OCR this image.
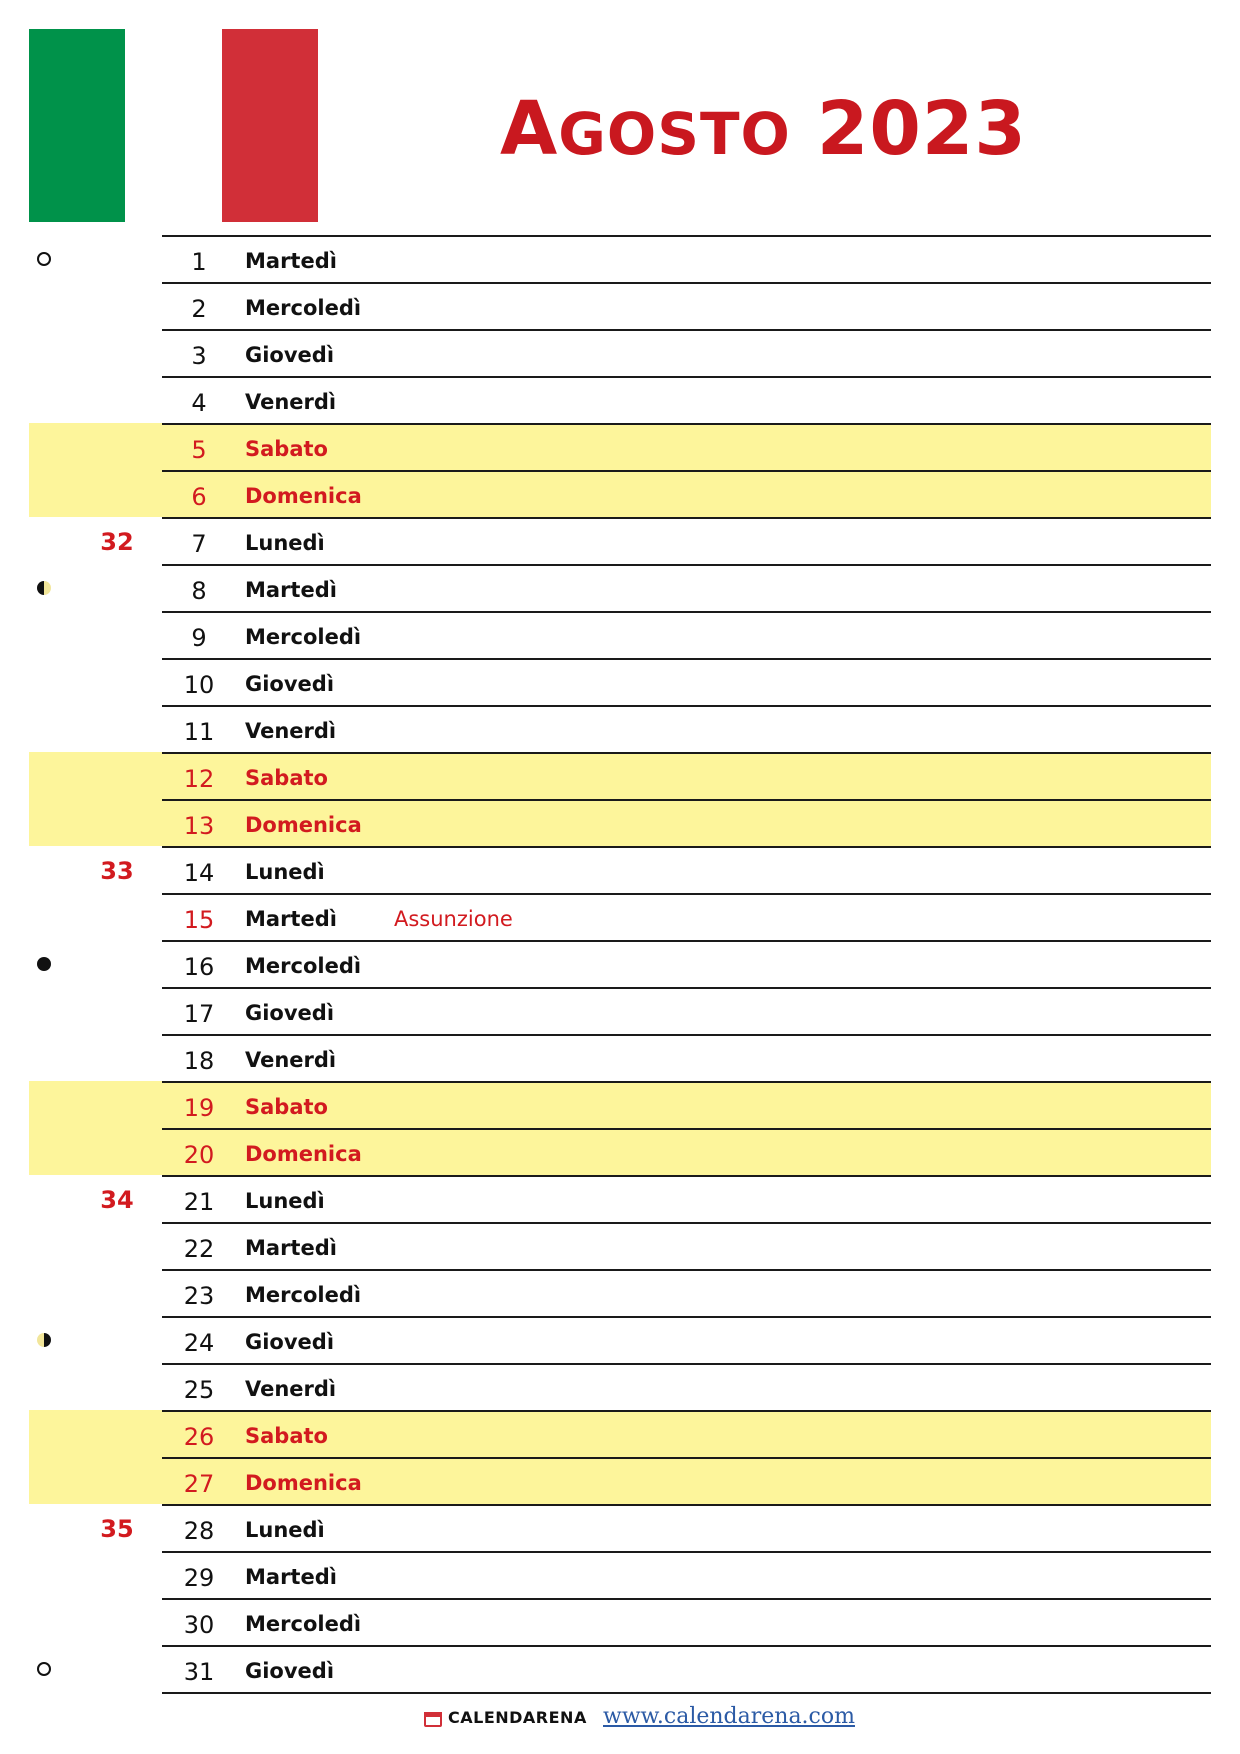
AGOSTO 2023
1	Martedì
2	Mercoledì
3	Giovedì
4	Venerdì
5	Sabato
6	Domenica
32	7	Lunedì
8	Martedì
9	Mercoledì
10	Giovedì
11	Venerdì
12	Sabato
13	Domenica
33	14	Lunedì
15	Martedì	Assunzione
16	Mercoledì
17	Giovedì
18	Venerdì
19	Sabato
20	Domenica
34	21	Lunedì
22	Martedì
23	Mercoledì
24	Giovedì
25	Venerdì
26	Sabato
27	Domenica
35	28	Lunedì
29	Martedì
30	Mercoledì
31	Giovedì
CALENDARENA www.calendarena.com
